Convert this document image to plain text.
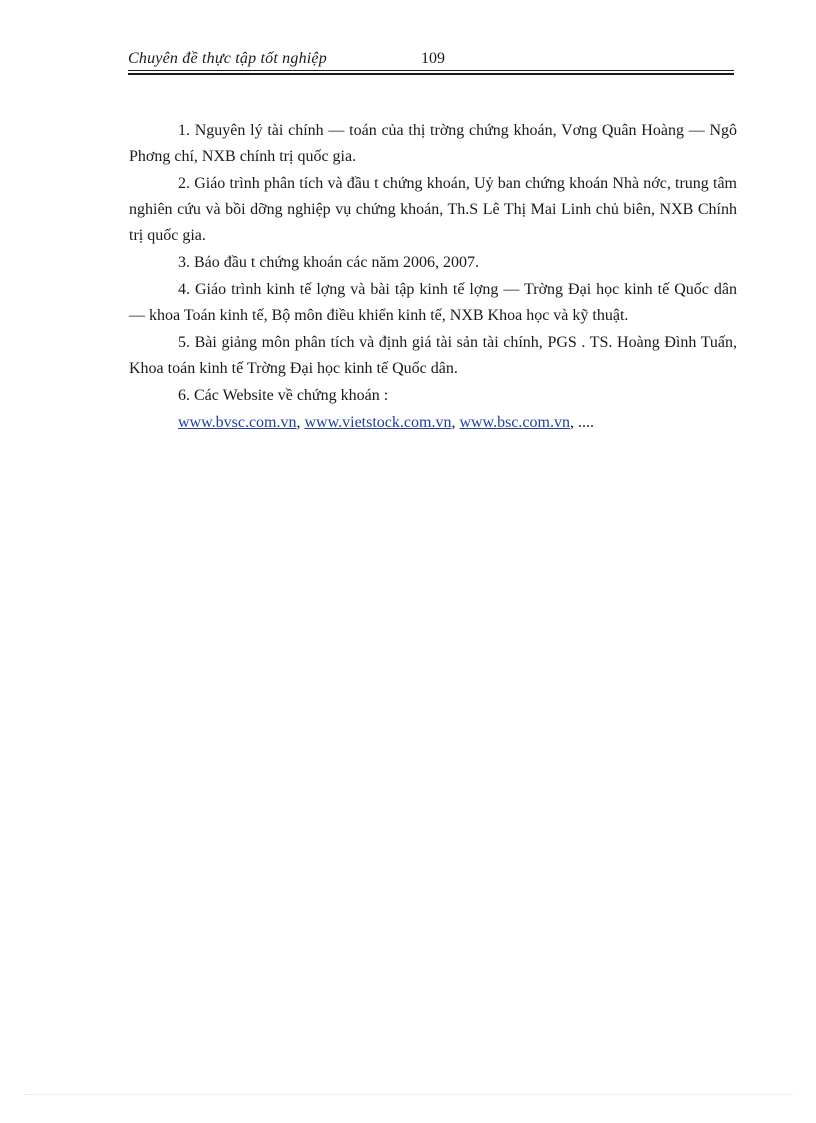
Chuyên đề thực tập tốt nghiệp	109

1. Nguyên lý tài chính — toán của thị trờng chứng khoán, Vơng Quân Hoàng — Ngô Phơng chí, NXB chính trị quốc gia.

2. Giáo trình phân tích và đầu t chứng khoán, Uỷ ban chứng khoán Nhà nớc, trung tâm nghiên cứu và bồi dỡng nghiệp vụ chứng khoán, Th.S Lê Thị Mai Linh chủ biên, NXB Chính trị quốc gia.

3. Báo đầu t chứng khoán các năm 2006, 2007.

4. Giáo trình kinh tế lợng và bài tập kinh tế lợng — Trờng Đại học kinh tế Quốc dân — khoa Toán kinh tế, Bộ môn điều khiển kinh tế, NXB Khoa học và kỹ thuật.

5. Bài giảng môn phân tích và định giá tài sản tài chính, PGS . TS. Hoàng Đình Tuấn, Khoa toán kinh tế Trờng Đại học kinh tế Quốc dân.

6. Các Website về chứng khoán :

www.bvsc.com.vn, www.vietstock.com.vn, www.bsc.com.vn, ....
